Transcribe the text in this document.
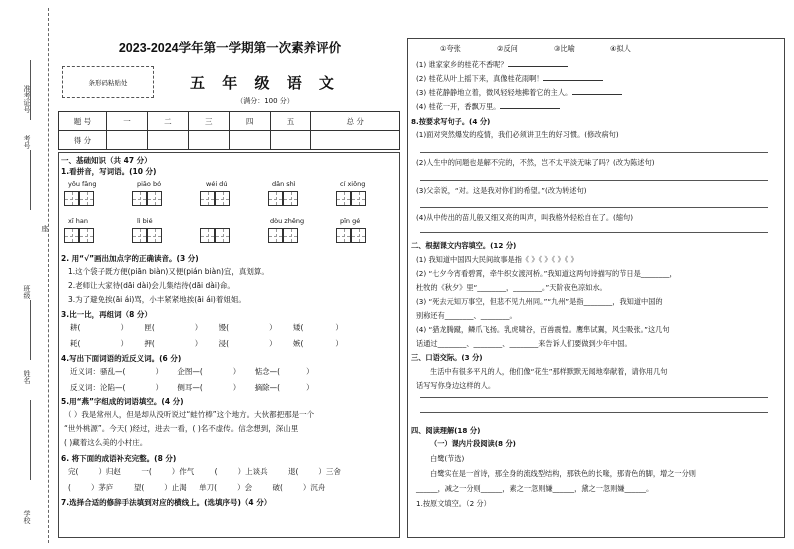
学校
姓名
班级
座
考号
准考证号
2023-2024学年第一学期第一次素养评价
条形码粘贴处	五 年 级 语 文
（满分：100 分）
题 号	一	二	三	四	五	总 分
得 分						
一、基础知识（共 47 分）
1.看拼音，写词语。(10 分)
yōu fāng	piāo bó	wéi dú	dān shì	cí xiōng
xī han	lì bié	dòu zhēng	pīn gé
2. 用“√”画出加点字的正确读音。(3 分)
1.这个袋子既方便(piān biàn)又便(pián biàn)宜，真划算。
2.老师让大家待(dāi dài)会儿集结待(dāi dài)命。
3.为了避免挨(āi ái)骂，小丰紧紧地挨(āi ái)着姐姐。
3.比一比，再组词（8 分）
耕(	） 匣(	） 馒(	） 矮(	）
耗(	） 押(	） 浸(	） 嫉(	）
4.写出下面词语的近反义词。(6 分)
近义词：骚乱—(	） 企图—(	） 惦念—(	）
反义词：沦陷—(	） 侧耳—(	） 摘除—(	）
5.用“燕”字组成的词语填空。(4 分)
（ ）我是常州人，但是却从没听说过“蛙竹棒”这个地方。大伙都把那是一个
“世外桃源”。今天( )经过，进去一看，( )名不虚传。信念想到，深山里
( )藏着这么美的小村庄。
6. 将下面的成语补充完整。(8 分)
完(	）归赵	一(	）作气	(	）上谈兵	退(	）三舍
(	）茅庐	望(	）止渴 单刀(	）会	破(	）沉舟
7.选择合适的修辞手法填到对应的横线上。(选填序号)（4 分）
①夸张	②反问	③比喻	④拟人
(1) 谁家家乡的桂花不香呢？
(2) 桂花从叶上摇下来，真像桂花雨啊！
(3) 桂花静静地立着，微风轻轻地拂着它的主人。
(4) 桂花一开，香飘万里。
8.按要求写句子。(4 分)
(1)面对突然爆发的疫情，我们必须讲卫生的好习惯。(修改病句)
(2)人生中的问题也是解不完的，不然，岂不太平淡无味了吗？(改为陈述句)
(3)父亲说，“对。这是我对你们的希望。”(改为转述句)
(4)从中传出的苗儿般又细又亮的叫声，叫我格外轻松自在了。(缩句)
二、根据课文内容填空。(12 分)
(1) 我知道中国四大民间故事是指《 》《 》《 》《 》
(2) “七夕今宵看碧霄，牵牛织女渡河桥。”我知道这两句诗描写的节日是________，
杜牧的《秋夕》里“________，________。”天阶夜色凉如水。
(3) “死去元知万事空，但悲不见九州同。”“九州”是指________，我知道中国的
别称还有________、________。
(4) “猎龙腾蹴，鳞爪飞扬。乳虎啸谷，百兽震惶。鹰隼试翼，风尘吸张。”这几句
话通过________、________、________来告诉人们要做到少年中国。
三、口语交际。(3 分)
生活中有很多平凡的人，他们像“花生”那样默默无闻地奉献着，请你用几句
话写写你身边这样的人。
四、阅读理解(18 分)
（一）课内片段阅读(8 分)
白鹭(节选)
白鹭实在是一首诗，那全身的流线型结构，那铁色的长喙，那青色的脚，增之一分则
______，减之一分则______，素之一忽则嫌______，黛之一忽则嫌______。
1.按原文填空。（2 分）
